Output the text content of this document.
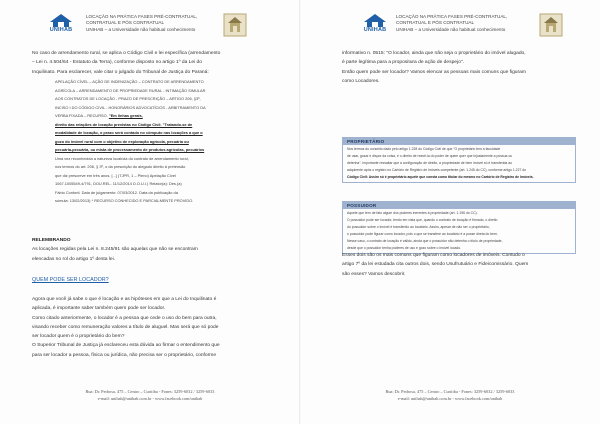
UNIHAB
LOCAÇÃO NA PRÁTICA FASES PRÉ-CONTRATUAL,
CONTRATUAL E PÓS CONTRATUAL
UNIHAB – a Universidade não habitual conhecimento

No caso de arrendamento rural, se aplica o Código Civil e lei específica (arrendamento

– Lei n. 4.504/64 - Estatuto da Terra), conforme disposto no artigo 1º da Lei do

Inquilinato. Para esclarecer, vale citar o julgado do Tribunal de Justiça do Paraná:

APELAÇÃO CÍVEL – AÇÃO DE INDENIZAÇÃO – CONTRATO DE ARRENDAMENTO

AGRÍCOLA – ARRENDAMENTO DE PROPRIEDADE RURAL - INTIMAÇÃO SIMULAR

AOS CONTRATOS DE LOCAÇÃO - PRAZO DE PRESCRIÇÃO – ARTIGO 206, §3º,

INCISO I DO CÓDIGO CIVIL - HONORÁRIOS ADVOCATÍCIOS - ARBITRAMENTO DA

VERBA FIXADA – RECURSO. "Em linhas gerais,

direito das relações de locação previstas no Código Civil. "Tratando-se de

modalidade de locação, o prazo será contado no cômputo nas locações a que o

gozo do imóvel rural com o objetivo de exploração agrícola, pecuária ou

pecuária-pecuária, ou mista de processamento de produtos agrícolas, pecuários

Uma vez reconhecida a natureza locatícia do contrato de arrendamento rural,

nos termos do art. 206, § 3º, o da prescrição do alegado direito à pretensão

que diz prescreve em três anos. [...] (TJPR, 1 – Pleno) Apelação Cível

1067.1005549-4/791, DOU.REL- 11/12/2014 D.O.U.I.) Relator(a): Des.(a)

Fábio Conforti. Data de julgamento: 07/03/2012. Data da publicação da

súmula: 13/02/2013) * RECURSO CONHECIDO E PARCIALMENTE PROVIDO.

RELEMBRANDO

As locações regidas pela Lei n. 8.245/91 são aquelas que não se encontram

elencadas no rol do artigo 1º desta lei.

QUEM PODE SER LOCADOR?

Agora que você já sabe o que é locação e as hipóteses em que a Lei do Inquilinato é

aplicada, é importante saber também quem pode ser locador.

Como citado anteriormente, o locador é a pessoa que cede o uso do bem para outra,

visando receber como remuneração valores a título de aluguel. Mas será que só pode

ser locador quem é o proprietário do bem?

O Superior Tribunal de Justiça já esclareceu esta dúvida ao firmar o entendimento que

para ser locador a pessoa, física ou jurídica, não precisa ser o proprietário, conforme

Rua: Dr. Pedrosa, 475 – Centro – Curitiba - Fones: 3259-6032 / 3259-6033
e-mail: unihab@unihab.com.br - www.facebook.com/unihab
UNIHAB
LOCAÇÃO NA PRÁTICA FASES PRÉ-CONTRATUAL,
CONTRATUAL E PÓS CONTRATUAL
UNIHAB – a Universidade não habitual conhecimento

informativo n. 0515: "O locador, ainda que não seja o proprietário do imóvel alugado,

é parte legítima para a propositura de ação de despejo".

Então quem pode ser locador? Vamos elencar as pessoas mais comuns que figuram

como Locadores.

PROPRIETÁRIO

Nos termos do conceito dado pelo artigo 1.228 do Código Civil de que "O proprietário tem a faculdade

de usar, gozar e dispor da coisa, e o direito de reavê-la do poder de quem quer que injustamente a possua ou

detenha". Importante ressaltar que a configuração de direito, a propriedade de bem imóvel só é transferida ao

adquirente após o registro no Cartório de Registro de Imóveis competente (art. 1.245 do CC), conforme artigo 1.227 do

Código Civil: Assim só é proprietário aquele que consta como titular do mesmo no Cartório de Registro de Imóveis.

POSSUIDOR

Aquele que tem de fato algum dos poderes inerentes à propriedade (art. 1.196 do CC).

O possuidor pode ser locador, tendo em vista que, quando o contrato de locação é firmado, o direito

do possuidor sobre o imóvel é transferido ao locatário. Assim, apesar de não ser o proprietário,

o possuidor pode figurar como locador, pois o que se transfere ao locatário é a posse direta do bem.

Nesse caso, o contrato de locação é válido, ainda que o possuidor não detenha o título de propriedade,

desde que o possuidor tenha poderes de uso e gozo sobre o imóvel locado.

Esses dois são os mais comuns que figuram como locadores de imóveis. Contudo o

artigo 7º da lei estudada cita outros dois, sendo Usufrutuário e Fideicomissário. Quem

são esses? Vamos descobrir.

Rua: Dr. Pedrosa, 475 – Centro – Curitiba - Fones: 3259-6032 / 3259-6033
e-mail: unihab@unihab.com.br - www.facebook.com/unihab
